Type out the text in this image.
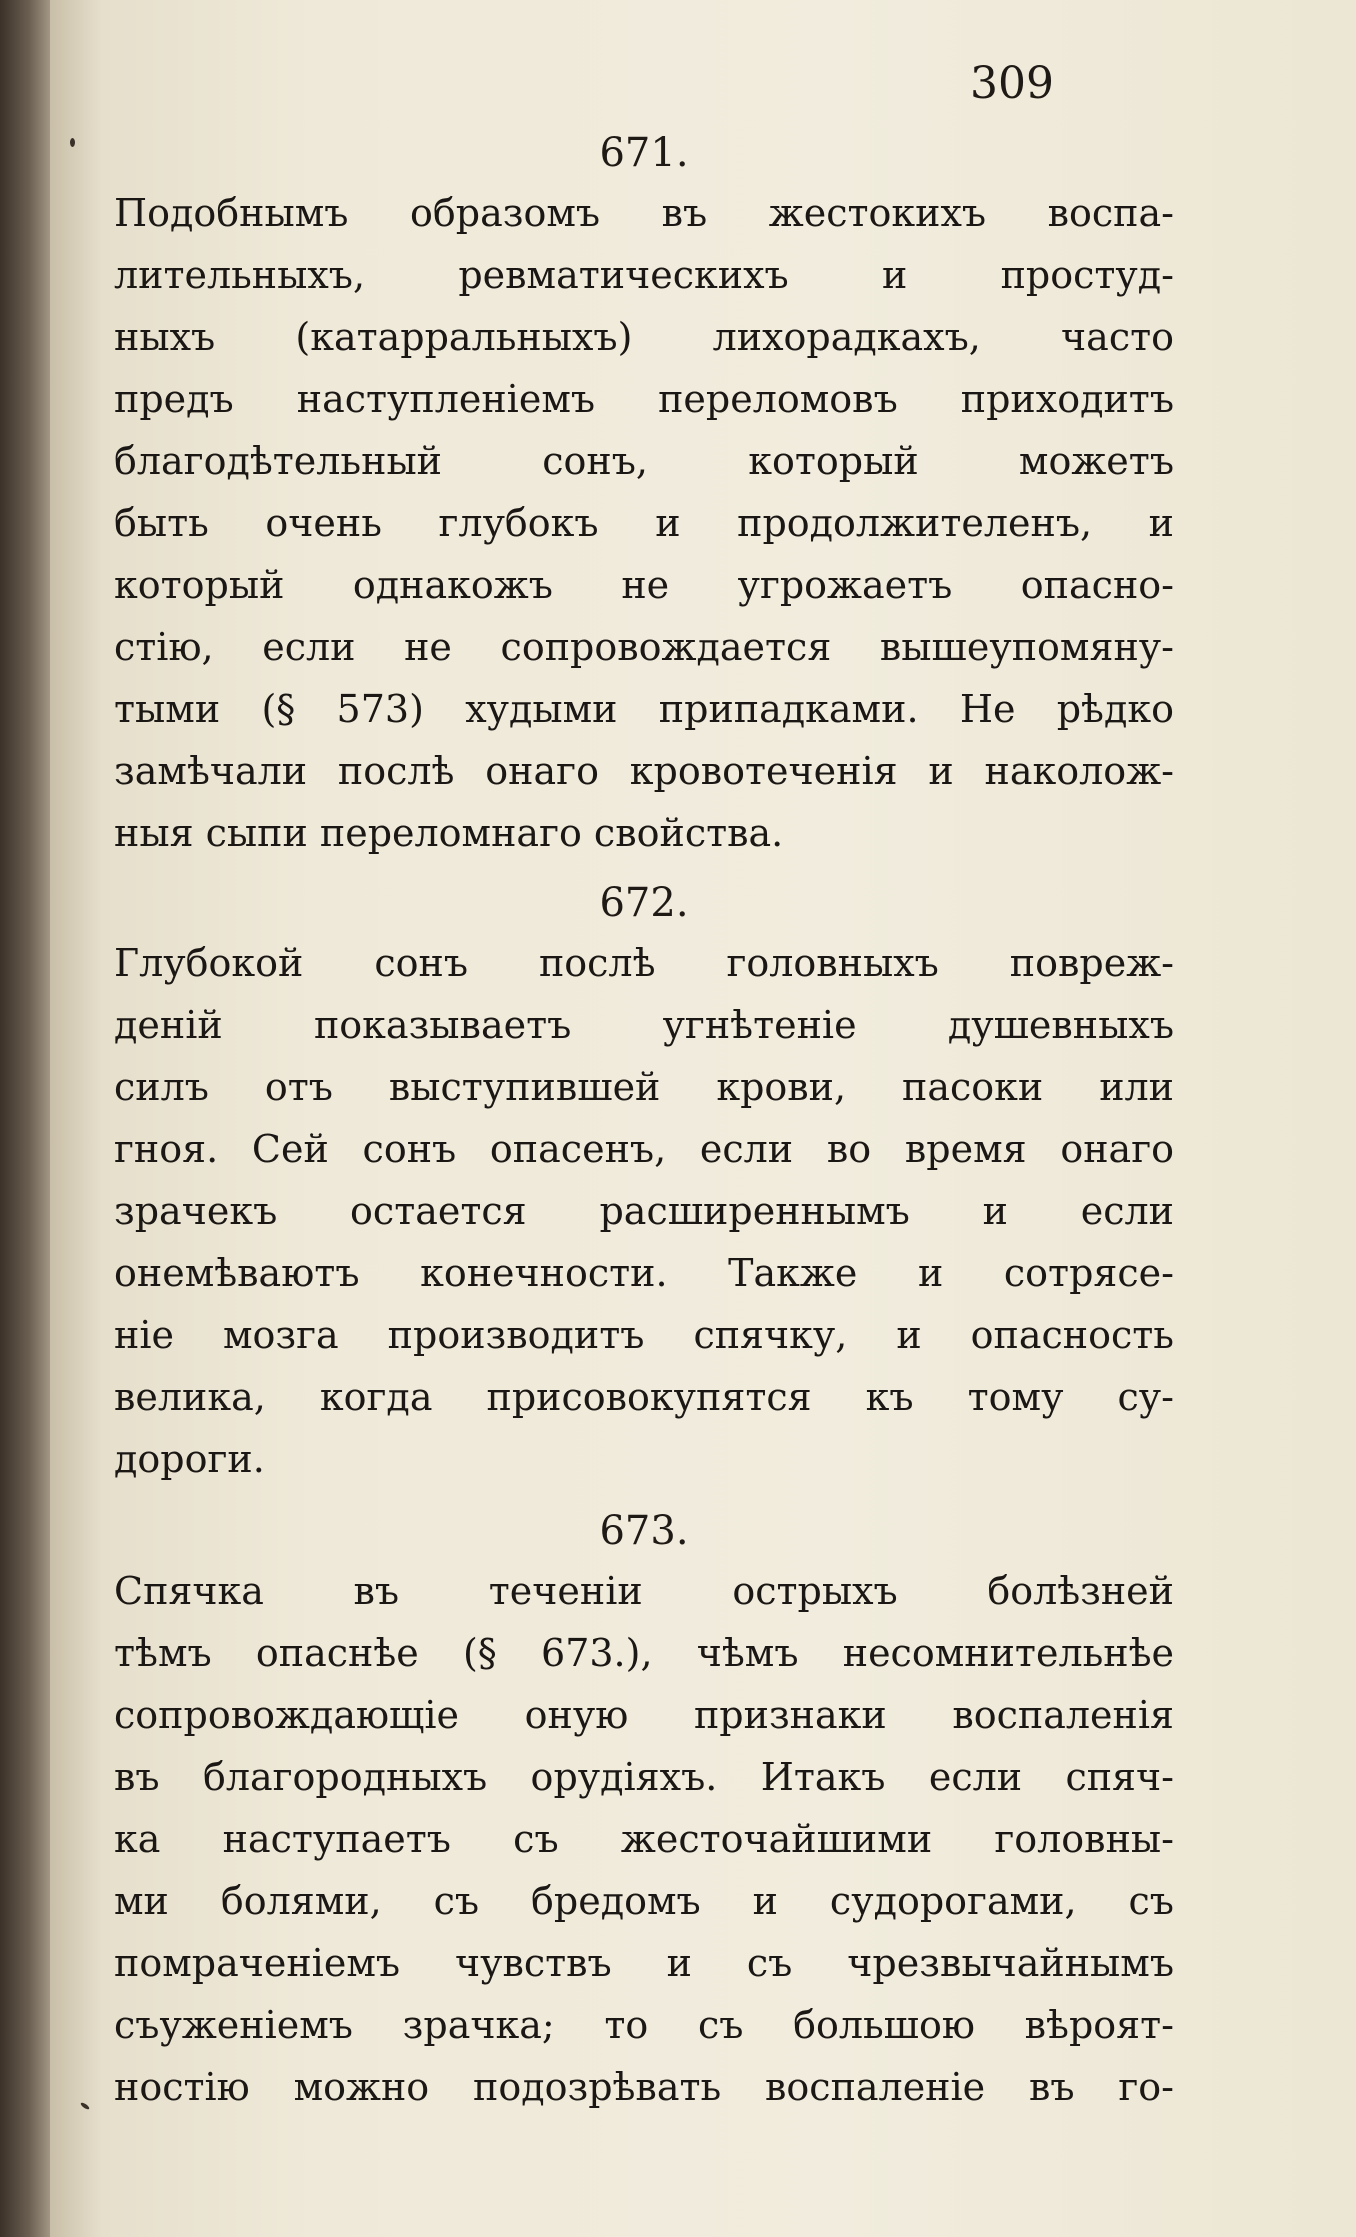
309
671.

Подобнымъ образомъ въ жестокихъ воспа-
лительныхъ, ревматическихъ и простуд-
ныхъ (катарральныхъ) лихорадкахъ, часто
предъ наступленіемъ переломовъ приходитъ
благодѣтельный сонъ, который можетъ
быть очень глубокъ и продолжителенъ, и
который однакожъ не угрожаетъ опасно-
стію, если не сопровождается вышеупомяну-
тыми (§ 573) худыми припадками. Не рѣдко
замѣчали послѣ онаго кровотеченія и наколож-
ныя сыпи переломнаго свойства.

672.

Глубокой сонъ послѣ головныхъ повреж-
деній показываетъ угнѣтеніе душевныхъ
силъ отъ выступившей крови, пасоки или
гноя. Сей сонъ опасенъ, если во время онаго
зрачекъ остается расширеннымъ и если
онемѣваютъ конечности. Также и сотрясе-
ніе мозга производитъ спячку, и опасность
велика, когда присовокупятся къ тому су-
дороги.

673.

Спячка въ теченіи острыхъ болѣзней
тѣмъ опаснѣе (§ 673.), чѣмъ несомнительнѣе
сопровождающіе оную признаки воспаленія
въ благородныхъ орудіяхъ. Итакъ если спяч-
ка наступаетъ съ жесточайшими головны-
ми болями, съ бредомъ и судорогами, съ
помраченіемъ чувствъ и съ чрезвычайнымъ
съуженіемъ зрачка; то съ большою вѣроят-
ностію можно подозрѣвать воспаленіе въ го-
